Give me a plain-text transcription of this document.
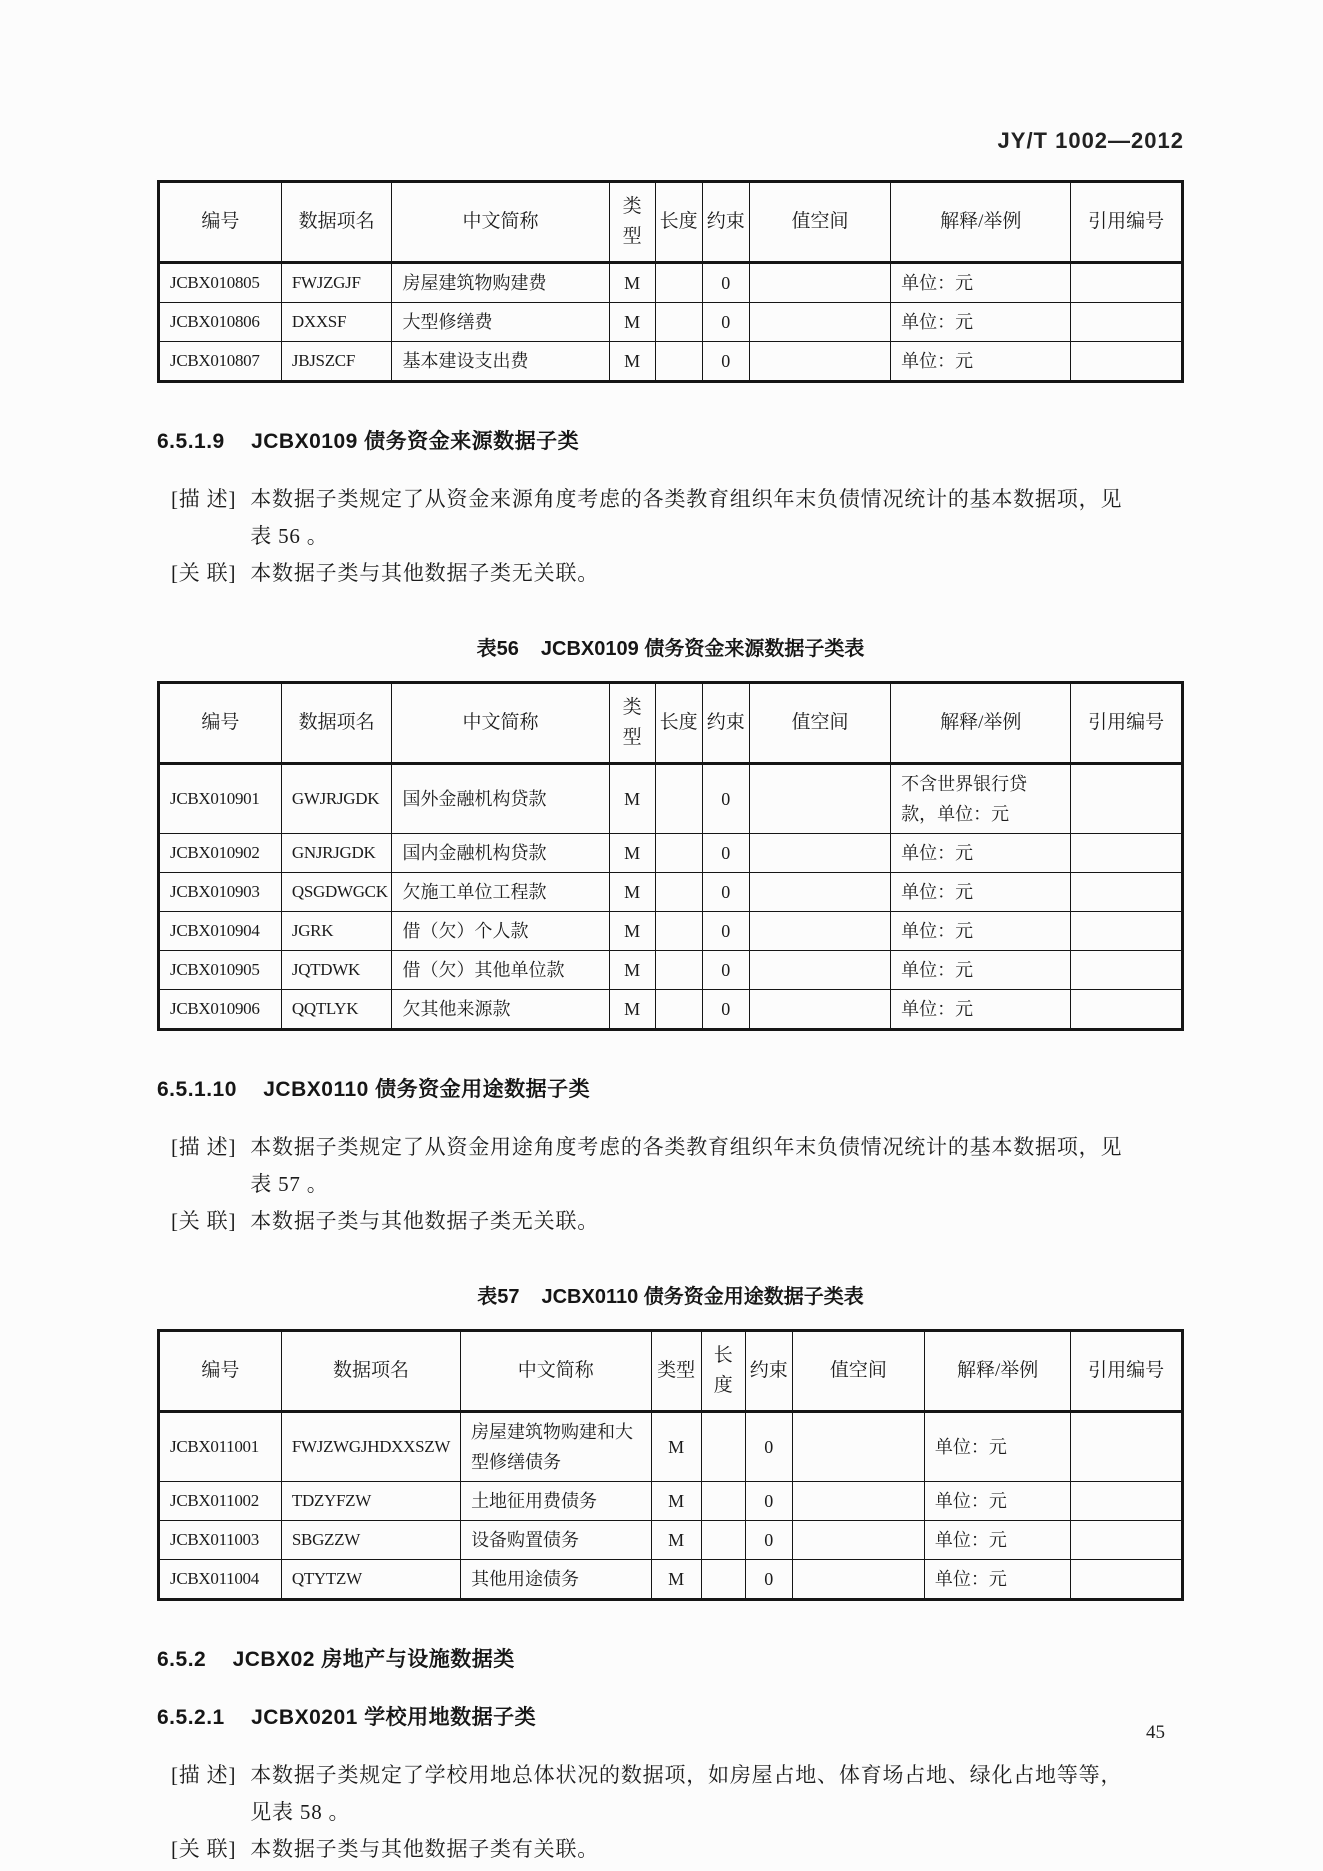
JY/T 1002—2012
编号	数据项名	中文简称	类型	长度	约束	值空间	解释/举例	引用编号
JCBX010805	FWJZGJF	房屋建筑物购建费	M		0		单位：元	
JCBX010806	DXXSF	大型修缮费	M		0		单位：元	
JCBX010807	JBJSZCF	基本建设支出费	M		0		单位：元	
6.5.1.9 JCBX0109 债务资金来源数据子类
[描 述] 本数据子类规定了从资金来源角度考虑的各类教育组织年末负债情况统计的基本数据项，见
表 56 。
[关 联] 本数据子类与其他数据子类无关联。
表56 JCBX0109 债务资金来源数据子类表
编号	数据项名	中文简称	类型	长度	约束	值空间	解释/举例	引用编号
JCBX010901	GWJRJGDK	国外金融机构贷款	M		0		不含世界银行贷款，单位：元	
JCBX010902	GNJRJGDK	国内金融机构贷款	M		0		单位：元	
JCBX010903	QSGDWGCK	欠施工单位工程款	M		0		单位：元	
JCBX010904	JGRK	借（欠）个人款	M		0		单位：元	
JCBX010905	JQTDWK	借（欠）其他单位款	M		0		单位：元	
JCBX010906	QQTLYK	欠其他来源款	M		0		单位：元	
6.5.1.10 JCBX0110 债务资金用途数据子类
[描 述] 本数据子类规定了从资金用途角度考虑的各类教育组织年末负债情况统计的基本数据项，见
表 57 。
[关 联] 本数据子类与其他数据子类无关联。
表57 JCBX0110 债务资金用途数据子类表
编号	数据项名	中文简称	类型	长度	约束	值空间	解释/举例	引用编号
JCBX011001	FWJZWGJHDXXSZW	房屋建筑物购建和大型修缮债务	M		0		单位：元	
JCBX011002	TDZYFZW	土地征用费债务	M		0		单位：元	
JCBX011003	SBGZZW	设备购置债务	M		0		单位：元	
JCBX011004	QTYTZW	其他用途债务	M		0		单位：元	
6.5.2 JCBX02 房地产与设施数据类
6.5.2.1 JCBX0201 学校用地数据子类
[描 述] 本数据子类规定了学校用地总体状况的数据项，如房屋占地、体育场占地、绿化占地等等，
见表 58 。
[关 联] 本数据子类与其他数据子类有关联。
45
